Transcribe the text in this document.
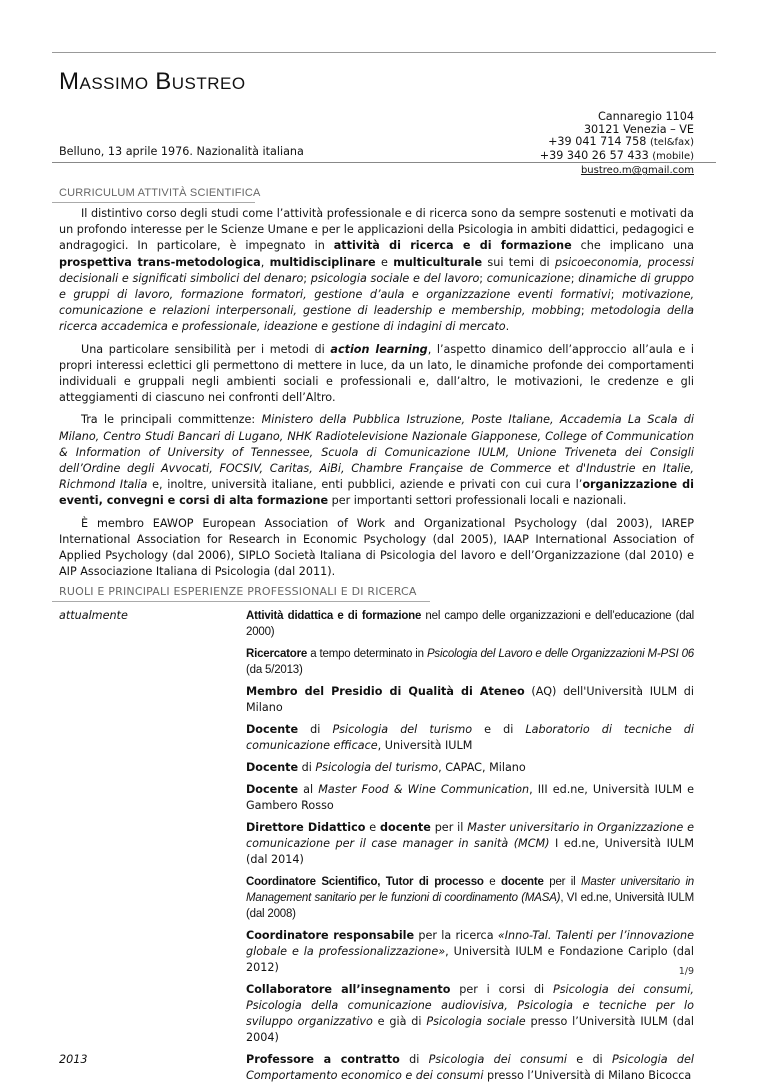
MASSIMO BUSTREO
Cannaregio 1104
30121 Venezia – VE
+39 041 714 758 (tel&fax)
+39 340 26 57 433 (mobile)
bustreo.m@gmail.com
Belluno, 13 aprile 1976. Nazionalità italiana
CURRICULUM ATTIVITÀ SCIENTIFICA

Il distintivo corso degli studi come l’attività professionale e di ricerca sono da sempre sostenuti e motivati da un profondo interesse per le Scienze Umane e per le applicazioni della Psicologia in ambiti didattici, pedagogici e andragogici. In particolare, è impegnato in attività di ricerca e di formazione che implicano una prospettiva trans-metodologica, multidisciplinare e multiculturale sui temi di psicoeconomia, processi decisionali e significati simbolici del denaro; psicologia sociale e del lavoro; comunicazione; dinamiche di gruppo e gruppi di lavoro, formazione formatori, gestione d’aula e organizzazione eventi formativi; motivazione, comunicazione e relazioni interpersonali, gestione di leadership e membership, mobbing; metodologia della ricerca accademica e professionale, ideazione e gestione di indagini di mercato.

Una particolare sensibilità per i metodi di action learning, l’aspetto dinamico dell’approccio all’aula e i propri interessi eclettici gli permettono di mettere in luce, da un lato, le dinamiche profonde dei comportamenti individuali e gruppali negli ambienti sociali e professionali e, dall’altro, le motivazioni, le credenze e gli atteggiamenti di ciascuno nei confronti dell’Altro.

Tra le principali committenze: Ministero della Pubblica Istruzione, Poste Italiane, Accademia La Scala di Milano, Centro Studi Bancari di Lugano, NHK Radiotelevisione Nazionale Giapponese, College of Communication & Information of University of Tennessee, Scuola di Comunicazione IULM, Unione Triveneta dei Consigli dell’Ordine degli Avvocati, FOCSIV, Caritas, AiBi, Chambre Française de Commerce et d'Industrie en Italie, Richmond Italia e, inoltre, università italiane, enti pubblici, aziende e privati con cui cura l’organizzazione di eventi, convegni e corsi di alta formazione per importanti settori professionali locali e nazionali.

È membro EAWOP European Association of Work and Organizational Psychology (dal 2003), IAREP International Association for Research in Economic Psychology (dal 2005), IAAP International Association of Applied Psychology (dal 2006), SIPLO Società Italiana di Psicologia del lavoro e dell’Organizzazione (dal 2010) e AIP Associazione Italiana di Psicologia (dal 2011).

RUOLI E PRINCIPALI ESPERIENZE PROFESSIONALI E DI RICERCA
attualmente	Attività didattica e di formazione nel campo delle organizzazioni e dell’educazione (dal 2000)
Ricercatore a tempo determinato in Psicologia del Lavoro e delle Organizzazioni M-PSI 06 (da 5/2013)
Membro del Presidio di Qualità di Ateneo (AQ) dell'Università IULM di Milano
Docente di Psicologia del turismo e di Laboratorio di tecniche di comunicazione efficace, Università IULM
Docente di Psicologia del turismo, CAPAC, Milano
Docente al Master Food & Wine Communication, III ed.ne, Università IULM e Gambero Rosso
Direttore Didattico e docente per il Master universitario in Organizzazione e comunicazione per il case manager in sanità (MCM) I ed.ne, Università IULM (dal 2014)
Coordinatore Scientifico, Tutor di processo e docente per il Master universitario in Management sanitario per le funzioni di coordinamento (MASA), VI ed.ne, Università IULM (dal 2008)
Coordinatore responsabile per la ricerca «Inno-Tal. Talenti per l’innovazione globale e la professionalizzazione», Università IULM e Fondazione Cariplo (dal 2012)
Collaboratore all’insegnamento per i corsi di Psicologia dei consumi, Psicologia della comunicazione audiovisiva, Psicologia e tecniche per lo sviluppo organizzativo e già di Psicologia sociale presso l’Università IULM (dal 2004)
2013	Professore a contratto di Psicologia dei consumi e di Psicologia del Comportamento economico e dei consumi presso l’Università di Milano Bicocca
1/9
